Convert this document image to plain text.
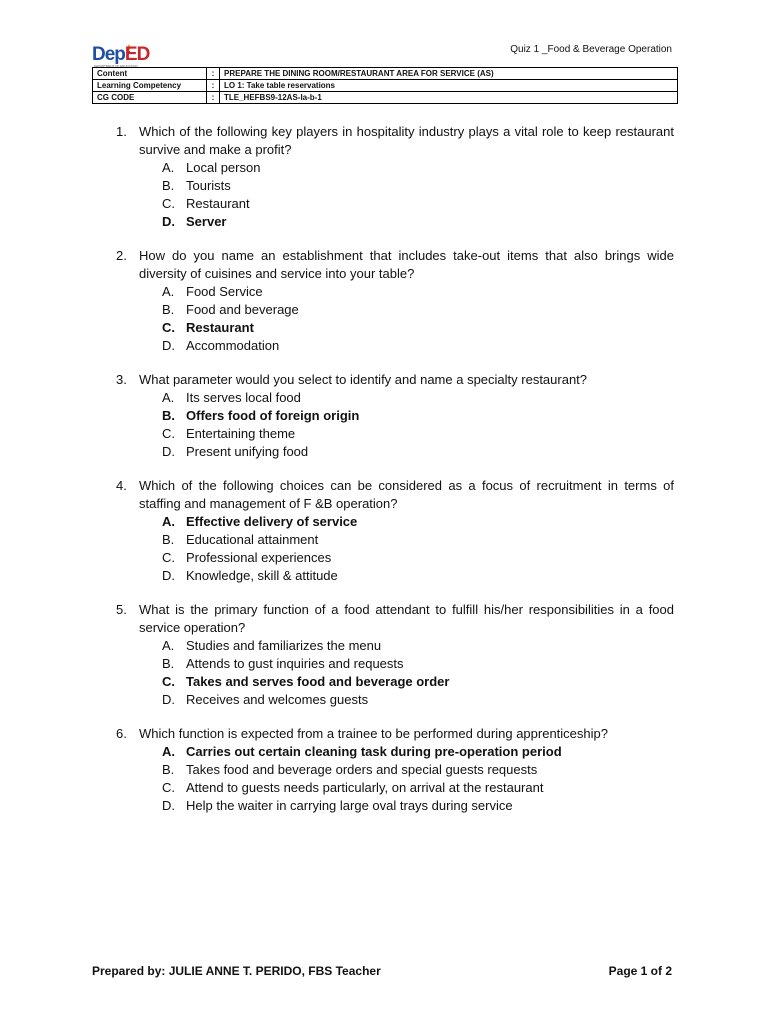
DepED
DEPARTMENT OF EDUCATION
Quiz 1 _Food & Beverage Operation
Content	:	PREPARE THE DINING ROOM/RESTAURANT AREA FOR SERVICE (AS)
Learning Competency	:	LO 1: Take table reservations
CG CODE	:	TLE_HEFBS9-12AS-Ia-b-1
1. Which of the following key players in hospitality industry plays a vital role to keep restaurant survive and make a profit?
A. Local person
B. Tourists
C. Restaurant
D. Server
2. How do you name an establishment that includes take-out items that also brings wide diversity of cuisines and service into your table?
A. Food Service
B. Food and beverage
C. Restaurant
D. Accommodation
3. What parameter would you select to identify and name a specialty restaurant?
A. Its serves local food
B. Offers food of foreign origin
C. Entertaining theme
D. Present unifying food
4. Which of the following choices can be considered as a focus of recruitment in terms of staffing and management of F &B operation?
A. Effective delivery of service
B. Educational attainment
C. Professional experiences
D. Knowledge, skill & attitude
5. What is the primary function of a food attendant to fulfill his/her responsibilities in a food service operation?
A. Studies and familiarizes the menu
B. Attends to gust inquiries and requests
C. Takes and serves food and beverage order
D. Receives and welcomes guests
6. Which function is expected from a trainee to be performed during apprenticeship?
A. Carries out certain cleaning task during pre-operation period
B. Takes food and beverage orders and special guests requests
C. Attend to guests needs particularly, on arrival at the restaurant
D. Help the waiter in carrying large oval trays during service
Prepared by: JULIE ANNE T. PERIDO, FBS Teacher	Page 1 of 2
